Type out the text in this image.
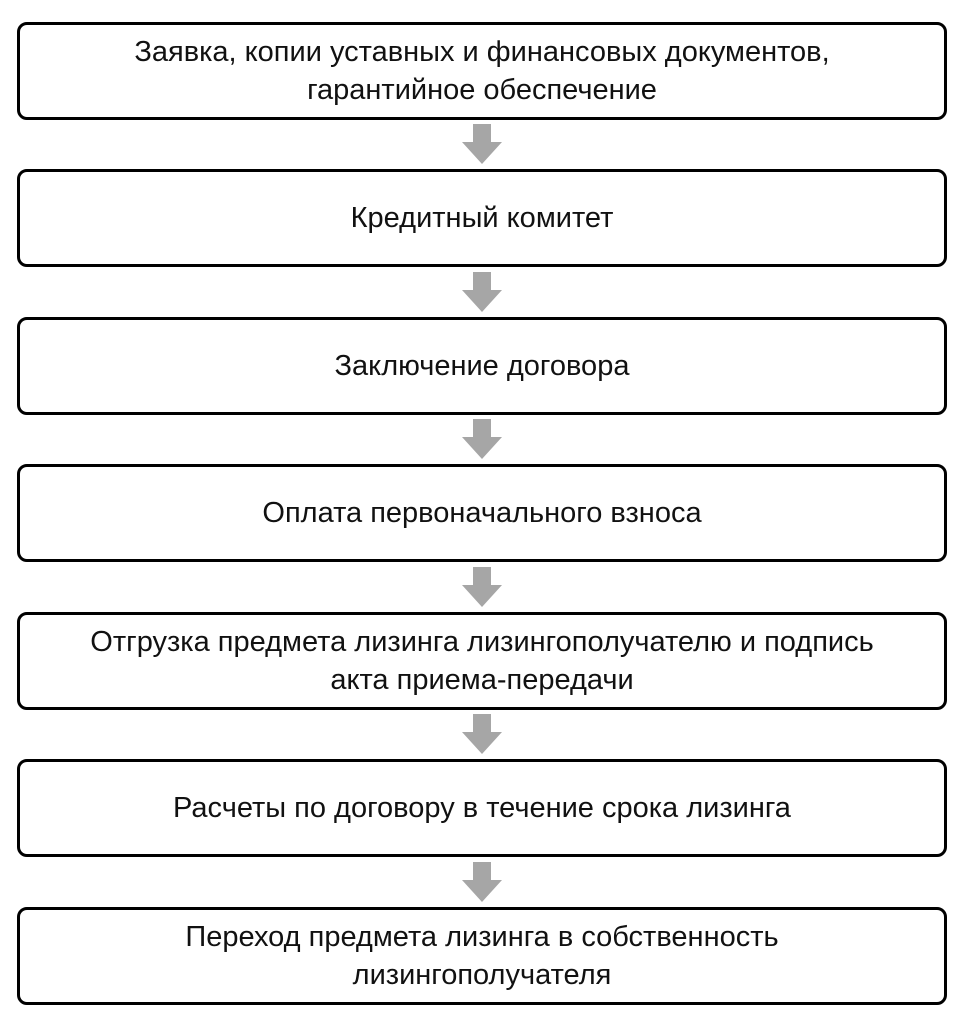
Заявка, копии уставных и финансовых документов,
гарантийное обеспечение
Кредитный комитет
Заключение договора
Оплата первоначального взноса
Отгрузка предмета лизинга лизингополучателю и подпись
акта приема-передачи
Расчеты по договору в течение срока лизинга
Переход предмета лизинга в собственность
лизингополучателя
